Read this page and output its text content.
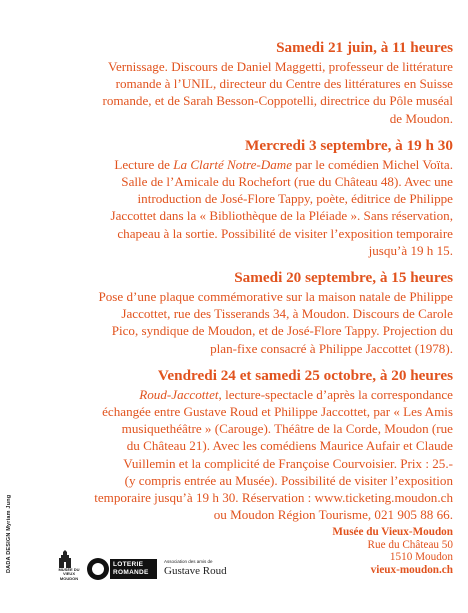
Samedi 21 juin, à 11 heures
Vernissage. Discours de Daniel Maggetti, professeur de littérature
romande à l’UNIL, directeur du Centre des littératures en Suisse
romande, et de Sarah Besson-Coppotelli, directrice du Pôle muséal
de Moudon.
Mercredi 3 septembre, à 19 h 30
Lecture de La Clarté Notre-Dame par le comédien Michel Voïta.
Salle de l’Amicale du Rochefort (rue du Château 48). Avec une
introduction de José-Flore Tappy, poète, éditrice de Philippe
Jaccottet dans la « Bibliothèque de la Pléiade ». Sans réservation,
chapeau à la sortie. Possibilité de visiter l’exposition temporaire
jusqu’à 19 h 15.
Samedi 20 septembre, à 15 heures
Pose d’une plaque commémorative sur la maison natale de Philippe
Jaccottet, rue des Tisserands 34, à Moudon. Discours de Carole
Pico, syndique de Moudon, et de José-Flore Tappy. Projection du
plan-fixe consacré à Philippe Jaccottet (1978).
Vendredi 24 et samedi 25 octobre, à 20 heures
Roud-Jaccottet, lecture-spectacle d’après la correspondance
échangée entre Gustave Roud et Philippe Jaccottet, par « Les Amis
musiquethéâtre » (Carouge). Théâtre de la Corde, Moudon (rue
du Château 21). Avec les comédiens Maurice Aufair et Claude
Vuillemin et la complicité de Françoise Courvoisier. Prix : 25.-
(y compris entrée au Musée). Possibilité de visiter l’exposition
temporaire jusqu’à 19 h 30. Réservation : www.ticketing.moudon.ch
ou Moudon Région Tourisme, 021 905 88 66.
DADA DESIGN Myriam Jung	MUSÉE DU VIEUX MOUDON
LOTERIE
ROMANDE
Association des amis de
Gustave Roud
Musée du Vieux-Moudon
Rue du Château 50
1510 Moudon
vieux-moudon.ch
